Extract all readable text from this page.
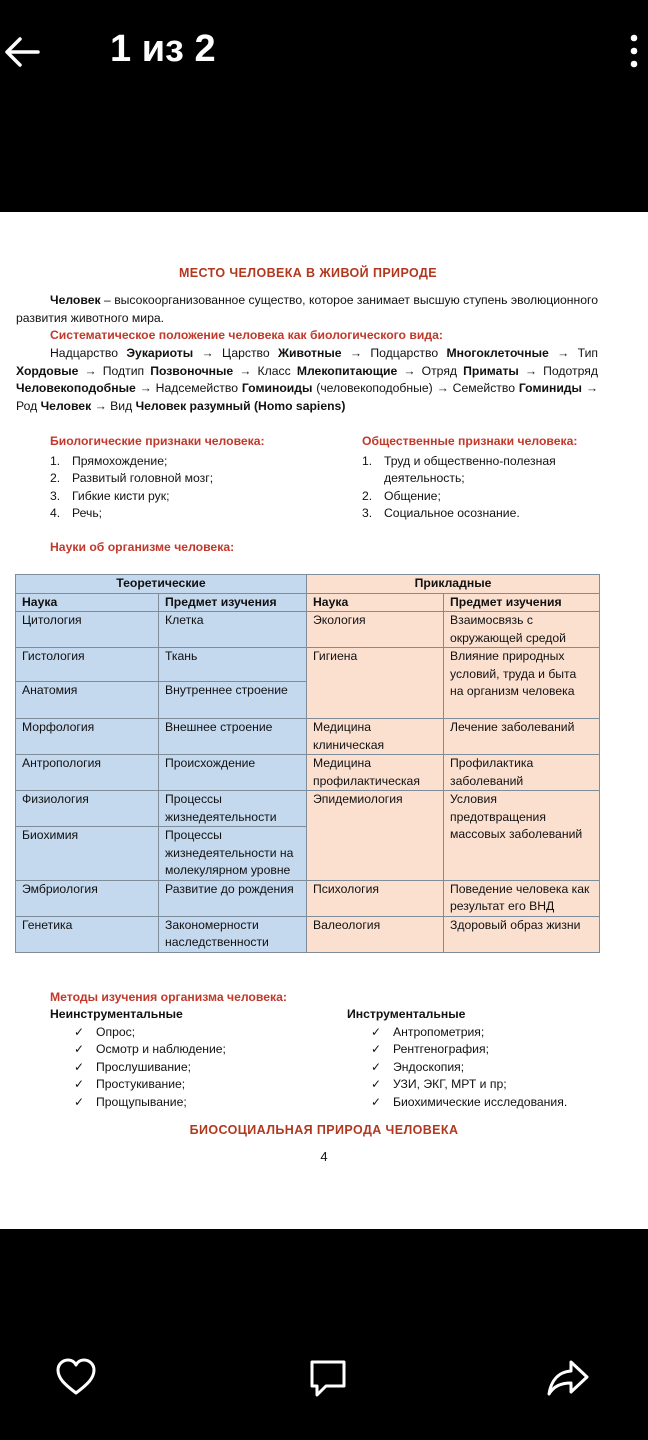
1 из 2
МЕСТО ЧЕЛОВЕКА В ЖИВОЙ ПРИРОДЕ
Человек – высокоорганизованное существо, которое занимает высшую ступень эволюционного развития животного мира.
Систематическое положение человека как биологического вида:
Надцарство Эукариоты → Царство Животные → Подцарство Многоклеточные → Тип Хордовые → Подтип Позвоночные → Класс Млекопитающие → Отряд Приматы → Подотряд Человекоподобные → Надсемейство Гоминоиды (человекоподобные) → Семейство Гоминиды → Род Человек → Вид Человек разумный (Homo sapiens)
Биологические признаки человека:
1. Прямохождение;
2. Развитый головной мозг;
3. Гибкие кисти рук;
4. Речь;
Общественные признаки человека:
1. Труд и общественно-полезная деятельность;
2. Общение;
3. Социальное осознание.
Науки об организме человека:
Теоретические		Прикладные	
Наука	Предмет изучения	Наука	Предмет изучения
Цитология	Клетка	Экология	Взаимосвязь с окружающей средой
Гистология	Ткань	Гигиена	Влияние природных условий, труда и быта на организм человека
Анатомия	Внутреннее строение		
Морфология	Внешнее строение	Медицина клиническая	Лечение заболеваний
Антропология	Происхождение	Медицина профилактическая	Профилактика заболеваний
Физиология	Процессы жизнедеятельности	Эпидемиология	Условия предотвращения массовых заболеваний
Биохимия	Процессы жизнедеятельности на молекулярном уровне		
Эмбриология	Развитие до рождения	Психология	Поведение человека как результат его ВНД
Генетика	Закономерности наследственности	Валеология	Здоровый образ жизни
Методы изучения организма человека:
Неинструментальные
✓ Опрос;
✓ Осмотр и наблюдение;
✓ Прослушивание;
✓ Простукивание;
✓ Прощупывание;
Инструментальные
✓ Антропометрия;
✓ Рентгенография;
✓ Эндоскопия;
✓ УЗИ, ЭКГ, МРТ и пр;
✓ Биохимические исследования.
БИОСОЦИАЛЬНАЯ ПРИРОДА ЧЕЛОВЕКА
4
